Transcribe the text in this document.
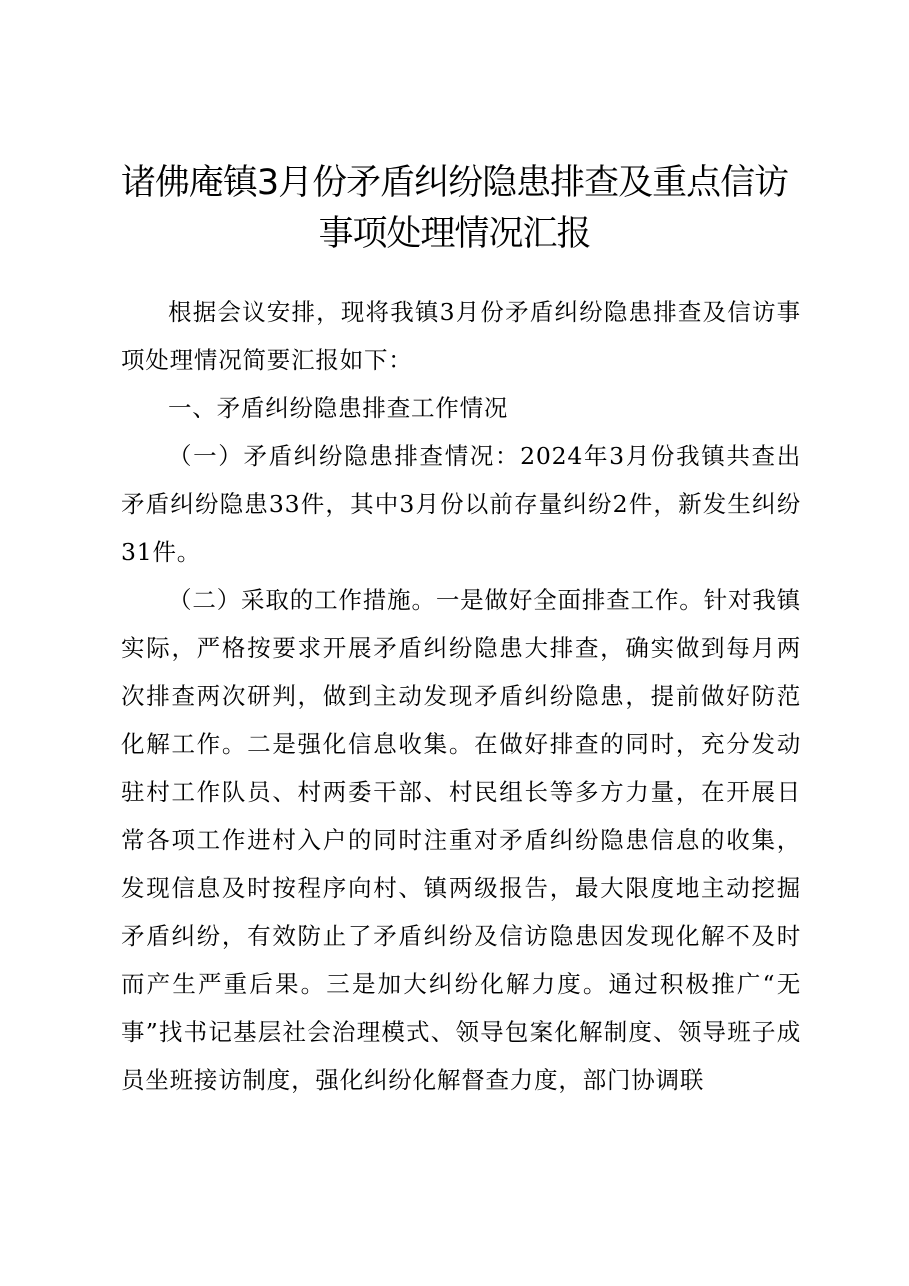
诸佛庵镇3月份矛盾纠纷隐患排查及重点信访
事项处理情况汇报

根据会议安排，现将我镇3月份矛盾纠纷隐患排查及信访事项处理情况简要汇报如下：

一、矛盾纠纷隐患排查工作情况

（一）矛盾纠纷隐患排查情况：2024年3月份我镇共查出矛盾纠纷隐患33件，其中3月份以前存量纠纷2件，新发生纠纷31件。

（二）采取的工作措施。一是做好全面排查工作。针对我镇实际，严格按要求开展矛盾纠纷隐患大排查，确实做到每月两次排查两次研判，做到主动发现矛盾纠纷隐患，提前做好防范化解工作。二是强化信息收集。在做好排查的同时，充分发动驻村工作队员、村两委干部、村民组长等多方力量，在开展日常各项工作进村入户的同时注重对矛盾纠纷隐患信息的收集，发现信息及时按程序向村、镇两级报告，最大限度地主动挖掘矛盾纠纷，有效防止了矛盾纠纷及信访隐患因发现化解不及时而产生严重后果。三是加大纠纷化解力度。通过积极推广“无事”找书记基层社会治理模式、领导包案化解制度、领导班子成员坐班接访制度，强化纠纷化解督查力度，部门协调联
